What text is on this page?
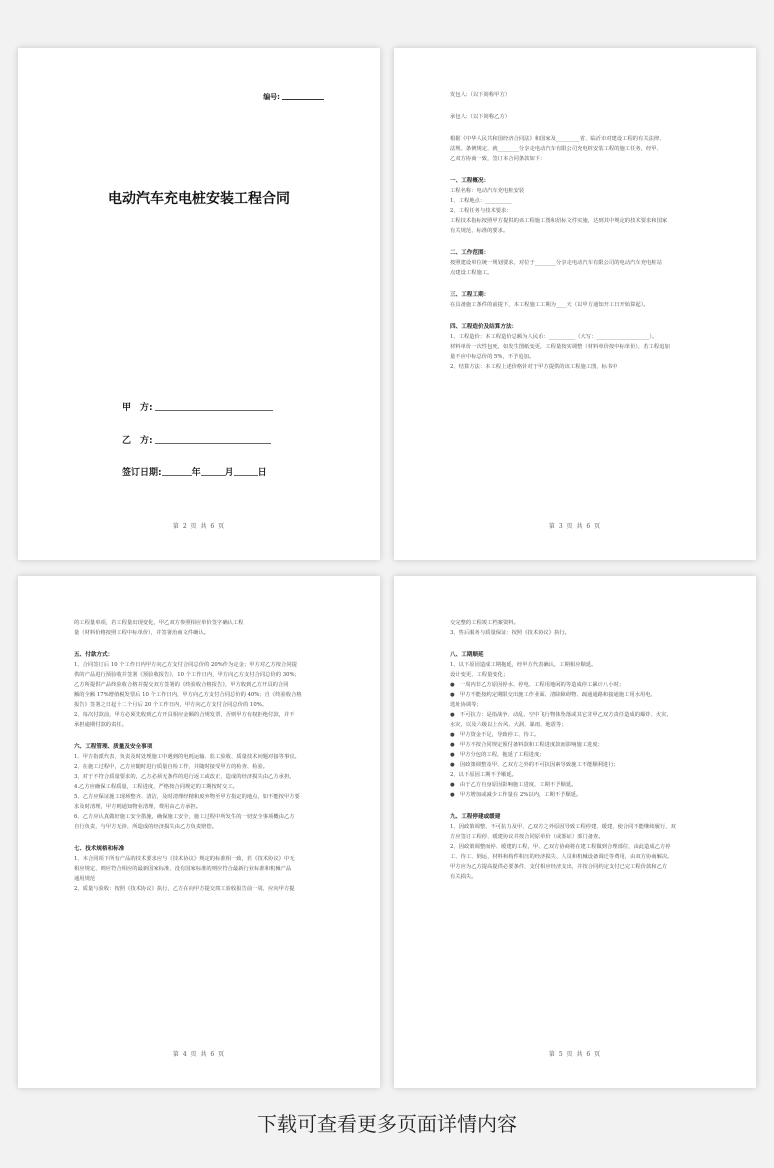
编号:
电动汽车充电桩安装工程合同
甲　方:
乙　方:
签订日期:	年	月	日
第 2 页 共 6 页

发包人:（以下简称甲方）

承包人:（以下简称乙方）

根据《中华人民共和国经济合同法》和国家及_________省、临沂市对建设工程的有关法律、

法规、条例规定，就________分享走电动汽车有限公司充电桩安装工程的施工任务，经甲、

乙双方协商一致，签订本合同条款如下：

一、工程概况：

工程名称：电动汽车充电桩安装

1、工程地点：__________

2、工程任务与技术要求：

工程技术指标按照甲方提供的该工程施工图和招标文件实施，达到其中规定的技术要求和国家

有关规范、标准的要求。

二、工作范围：

按照建设单位统一规划要求，对位于________分享走电动汽车有限公司的电动汽车充电桩站

点建设工程施工。

三、工程工期：

在具备施工条件的前提下，本工程施工工期为____天（以甲方通知开工日开始算起）。

四、工程造价及结算方法：

1、工程造价：本工程造价总额为人民币：__________（大写：____________________）。

材料单价一次性包死，如发生图纸变更，工程量按实调整（材料单价按中标单价），若工程追加

量不应中标总价的 5%，不予追加。

2、结算方法：本工程上述价格针对于甲方提供的该工程施工图，标书中

第 3 页 共 6 页

的工程量单项，若工程量出现变化，甲乙双方参照相应单价签字确认工程

量（材料价格按照工程中标单价），并签署治商文件确认。

五、付款方式：

1、合同签订后 10 个工作日内甲方向乙方支付合同总价的 20%作为定金；甲方对乙方按合同提

供的产品进行预验收并签署《预验收报告》，10 个工作日内，甲方向乙方支付合同总价的 30%；

乙方所提供产品终验收合格并提交双方签署的《终验收合格报告》，甲方收到乙方开具的合同

额的全额 17%增值税发票后 10 个工作日内，甲方向乙方支付合同总价的 40%；自《终验收合格

报告》签署之日起十二个月后 20 个工作日内，甲方向乙方支付合同总价的 10%。

2、每次付款前，甲方必须先收到乙方开具相应金额的合规发票，否则甲方有权拒绝付款，并不

承担逾期付款的责任。

六、工程管理、质量及安全事项

1、甲方指派代表，负责及时处理施工中遇到的电耗运输、监工验收、质量技术问题对接等事宜。

2、在施工过程中，乙方应随时进行质量自检工作，并随时接受甲方的检查、检验。

3、对于不符合质量要求的，乙方必须无条件的进行返工或改正，造成的经济损失由乙方承担。

4.乙方应确保工程质量，工程进度，严格按合同规定的工期按时交工。

5、乙方应保证施工现场整齐、清洁，及时清理经精和废弃物至甲方指定的地点，如不能按甲方要

求及时清理，甲方则通知物业清理，费用由乙方承担。

6、乙方应认真做好施工安全措施，确保施工安全，施工过程中所发生的一切安全事项概由乙方

自行负责，与甲方无涉，所造成的经济损失由乙方负责赔偿。

七、技术规格和标准

1、本合同项下所有产品的技术要求应与《技术协议》规定的标准相一致，若《技术协议》中无

相应规定，则应符合相应的最新国家标准，没有国家标准的则应符合最新行业标准和机械产品

通用规范

2、质量与验收：按照《技术协议》执行，乙方在向甲方提交竣工验收报告前一周，应向甲方提

第 4 页 共 6 页

交完整的工程竣工档案资料。

3、售后服务与质量保证：按照《技术协议》执行。

八、工期顺延

1、以下原因造成工期拖延，经甲方代表确认，工期相应顺延。

设计变更、工程量变化；

●　一周内非乙方原因停水、停电、工程用地闲的等造成停工累计八小时；

●　甲方不能按约定期限交出施工作业面、清除障碍物、疏通通路和接通施工用水用电、

选址协调等；

●　不可抗力：是指战争、动乱、空中飞行物体坠落或其它非甲乙双方责任造成的爆炸、火灾、

水灾，以及六级以上台风、大洞、暴雨、地震等；

●　甲方资金不足，导致停工、待工。

●　甲方不按合同规定预付备料款和工程进度款而影响施工进度；

●　甲方分包的工程，拖延了工程进度；

●　因政策调整及甲、乙双方之外的不可抗因素导致施工不能顺利进行；

2、以下原因工期不予顺延。

●　由于乙方自身原因影响施工进度，工期不予顺延。

●　甲方增加或减少工作量在 2%以内，工期不予顺延。

九、工程停建或缓建

1、因政策调整、不可抗力及甲、乙双方之外原因导致工程停建、缓建，使合同不能继续履行，双

方应签订工程停、缓建协议并按合同原单价（或鉴证）部门备查。

2、因政策调整而停、缓建的工程，甲、乙双方协商将在建工程做到合理部位，由此造成乙方停

工、待工、倒运、材料和构件积压的经济损失、人员和机械设备调迁等费用，由双方协商解决。

甲方应为乙方提高提供必要条件，支付相应经济支出，并按合同约定支付已完工程价款和乙方

有关损失。

第 5 页 共 6 页
下载可查看更多页面详情内容
